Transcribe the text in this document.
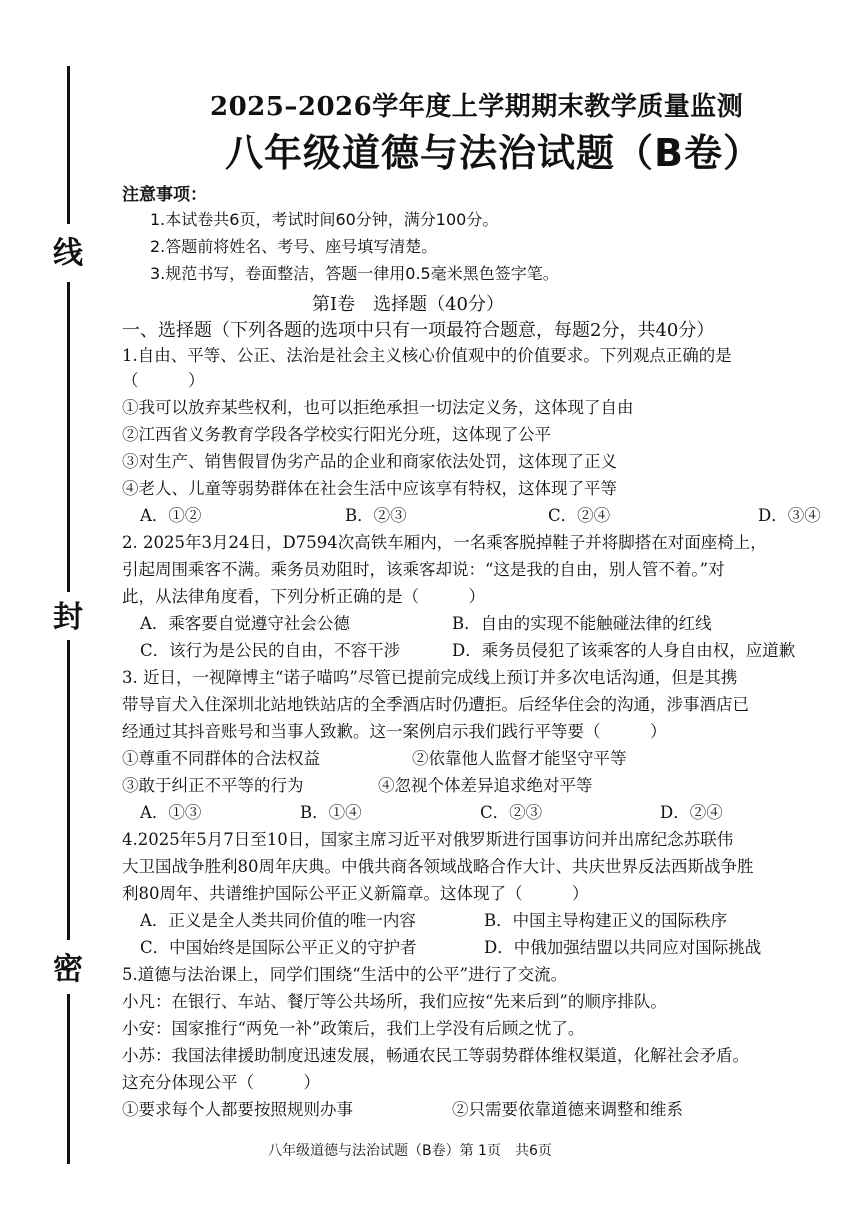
线
封
密
2025–2026学年度上学期期末教学质量监测
八年级道德与法治试题（B卷）
注意事项：
1.本试卷共6页，考试时间60分钟，满分100分。
2.答题前将姓名、考号、座号填写清楚。
3.规范书写，卷面整洁，答题一律用0.5毫米黑色签字笔。
第Ⅰ卷　选择题（40分）
一、选择题（下列各题的选项中只有一项最符合题意，每题2分，共40分）
1.自由、平等、公正、法治是社会主义核心价值观中的价值要求。下列观点正确的是
（　　　）
①我可以放弃某些权利，也可以拒绝承担一切法定义务，这体现了自由
②江西省义务教育学段各学校实行阳光分班，这体现了公平
③对生产、销售假冒伪劣产品的企业和商家依法处罚，这体现了正义
④老人、儿童等弱势群体在社会生活中应该享有特权，这体现了平等
A．①②	B．②③	C．②④	D．③④
2. 2025年3月24日，D7594次高铁车厢内，一名乘客脱掉鞋子并将脚搭在对面座椅上，
引起周围乘客不满。乘务员劝阻时，该乘客却说：“这是我的自由，别人管不着。”对
此，从法律角度看，下列分析正确的是（　　　）
A．乘客要自觉遵守社会公德	B．自由的实现不能触碰法律的红线
C．该行为是公民的自由，不容干涉	D．乘务员侵犯了该乘客的人身自由权，应道歉
3. 近日，一视障博主“诺子喵呜”尽管已提前完成线上预订并多次电话沟通，但是其携
带导盲犬入住深圳北站地铁站店的全季酒店时仍遭拒。后经华住会的沟通，涉事酒店已
经通过其抖音账号和当事人致歉。这一案例启示我们践行平等要（　　　）
①尊重不同群体的合法权益	②依靠他人监督才能坚守平等
③敢于纠正不平等的行为	④忽视个体差异追求绝对平等
A．①③	B．①④	C．②③	D．②④
4.2025年5月7日至10日，国家主席习近平对俄罗斯进行国事访问并出席纪念苏联伟
大卫国战争胜利80周年庆典。中俄共商各领域战略合作大计、共庆世界反法西斯战争胜
利80周年、共谱维护国际公平正义新篇章。这体现了（　　　）
A．正义是全人类共同价值的唯一内容	B．中国主导构建正义的国际秩序
C．中国始终是国际公平正义的守护者	D．中俄加强结盟以共同应对国际挑战
5.道德与法治课上，同学们围绕“生活中的公平”进行了交流。
小凡：在银行、车站、餐厅等公共场所，我们应按“先来后到”的顺序排队。
小安：国家推行“两免一补”政策后，我们上学没有后顾之忧了。
小苏：我国法律援助制度迅速发展，畅通农民工等弱势群体维权渠道，化解社会矛盾。
这充分体现公平（　　　）
①要求每个人都要按照规则办事	②只需要依靠道德来调整和维系
八年级道德与法治试题（B卷）第 1页　共6页
